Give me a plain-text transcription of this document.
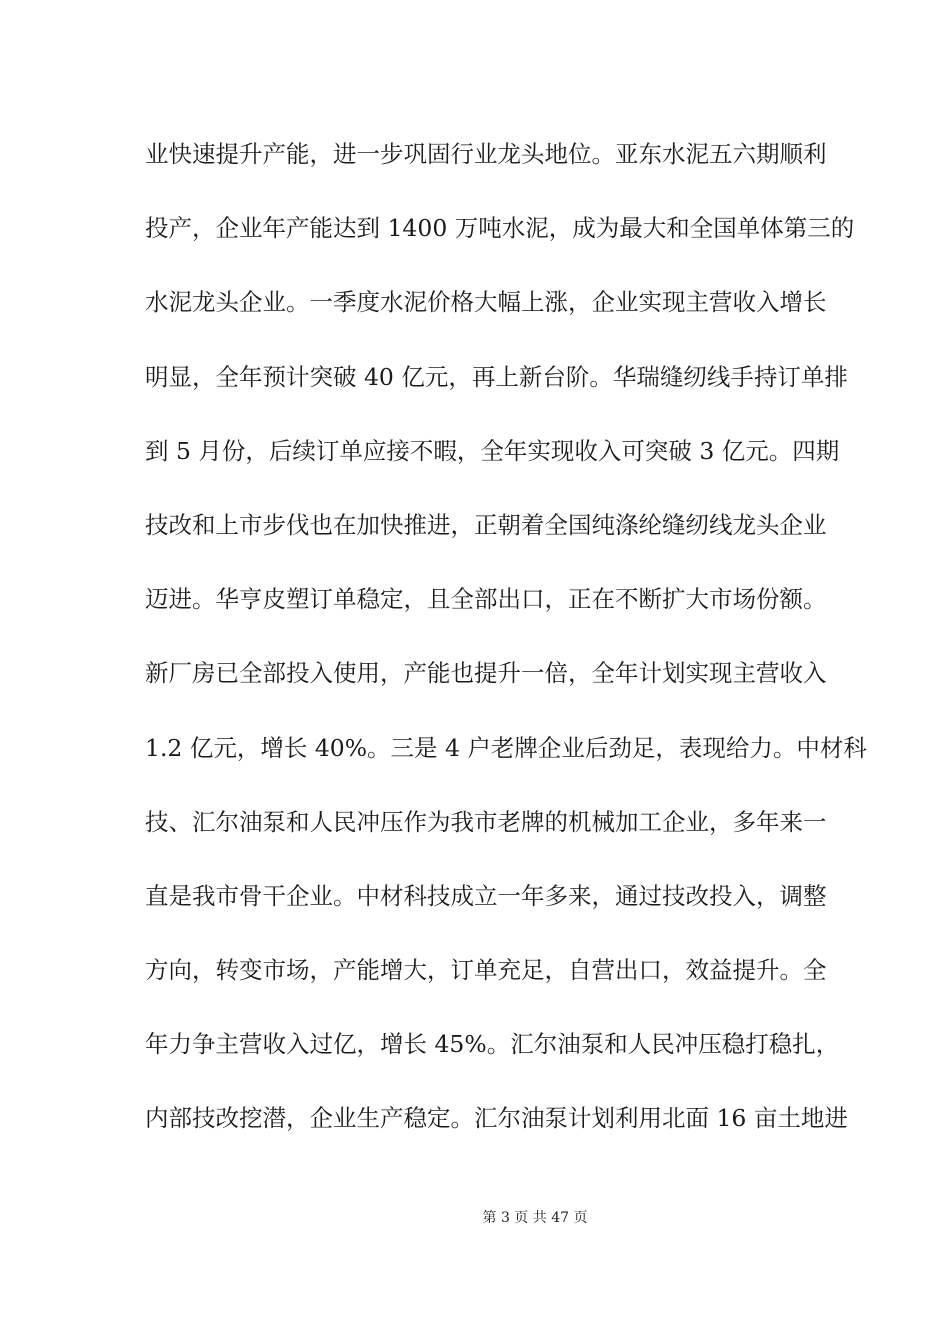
业快速提升产能，进一步巩固行业龙头地位。亚东水泥五六期顺利
投产，企业年产能达到 1400 万吨水泥，成为最大和全国单体第三的
水泥龙头企业。一季度水泥价格大幅上涨，企业实现主营收入增长
明显，全年预计突破 40 亿元，再上新台阶。华瑞缝纫线手持订单排
到 5 月份，后续订单应接不暇，全年实现收入可突破 3 亿元。四期
技改和上市步伐也在加快推进，正朝着全国纯涤纶缝纫线龙头企业
迈进。华亨皮塑订单稳定，且全部出口，正在不断扩大市场份额。
新厂房已全部投入使用，产能也提升一倍，全年计划实现主营收入
1.2 亿元，增长 40%。三是 4 户老牌企业后劲足，表现给力。中材科
技、汇尔油泵和人民冲压作为我市老牌的机械加工企业，多年来一
直是我市骨干企业。中材科技成立一年多来，通过技改投入，调整
方向，转变市场，产能增大，订单充足，自营出口，效益提升。全
年力争主营收入过亿，增长 45%。汇尔油泵和人民冲压稳打稳扎，
内部技改挖潜，企业生产稳定。汇尔油泵计划利用北面 16 亩土地进
第 3 页 共 47 页
